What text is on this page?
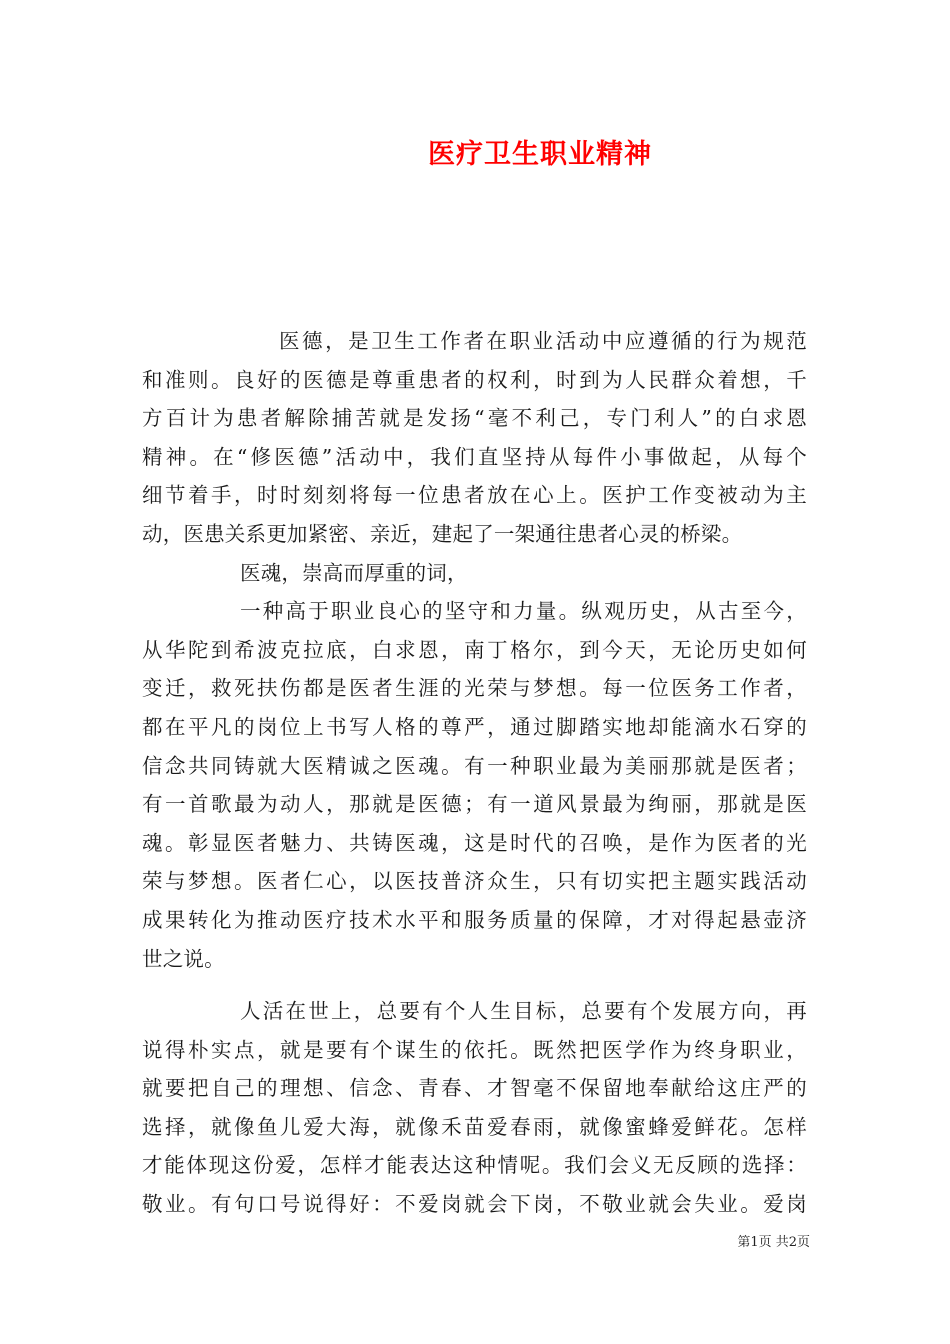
医疗卫生职业精神
医德，是卫生工作者在职业活动中应遵循的行为规范
和准则。良好的医德是尊重患者的权利，时到为人民群众着想，千
方百计为患者解除捕苦就是发扬“毫不利己，专门利人”的白求恩
精神。在“修医德”活动中，我们直坚持从每件小事做起，从每个
细节着手，时时刻刻将每一位患者放在心上。医护工作变被动为主
动，医患关系更加紧密、亲近，建起了一架通往患者心灵的桥梁。
医魂，崇高而厚重的词，
一种高于职业良心的坚守和力量。纵观历史，从古至今，
从华陀到希波克拉底，白求恩，南丁格尔，到今天，无论历史如何
变迁，救死扶伤都是医者生涯的光荣与梦想。每一位医务工作者，
都在平凡的岗位上书写人格的尊严，通过脚踏实地却能滴水石穿的
信念共同铸就大医精诚之医魂。有一种职业最为美丽那就是医者；
有一首歌最为动人，那就是医德；有一道风景最为绚丽，那就是医
魂。彰显医者魅力、共铸医魂，这是时代的召唤，是作为医者的光
荣与梦想。医者仁心，以医技普济众生，只有切实把主题实践活动
成果转化为推动医疗技术水平和服务质量的保障，才对得起悬壶济
世之说。
人活在世上，总要有个人生目标，总要有个发展方向，再
说得朴实点，就是要有个谋生的依托。既然把医学作为终身职业，
就要把自己的理想、信念、青春、才智毫不保留地奉献给这庄严的
选择，就像鱼儿爱大海，就像禾苗爱春雨，就像蜜蜂爱鲜花。怎样
才能体现这份爱，怎样才能表达这种情呢。我们会义无反顾的选择：
敬业。有句口号说得好：不爱岗就会下岗，不敬业就会失业。爱岗
第1页 共2页
